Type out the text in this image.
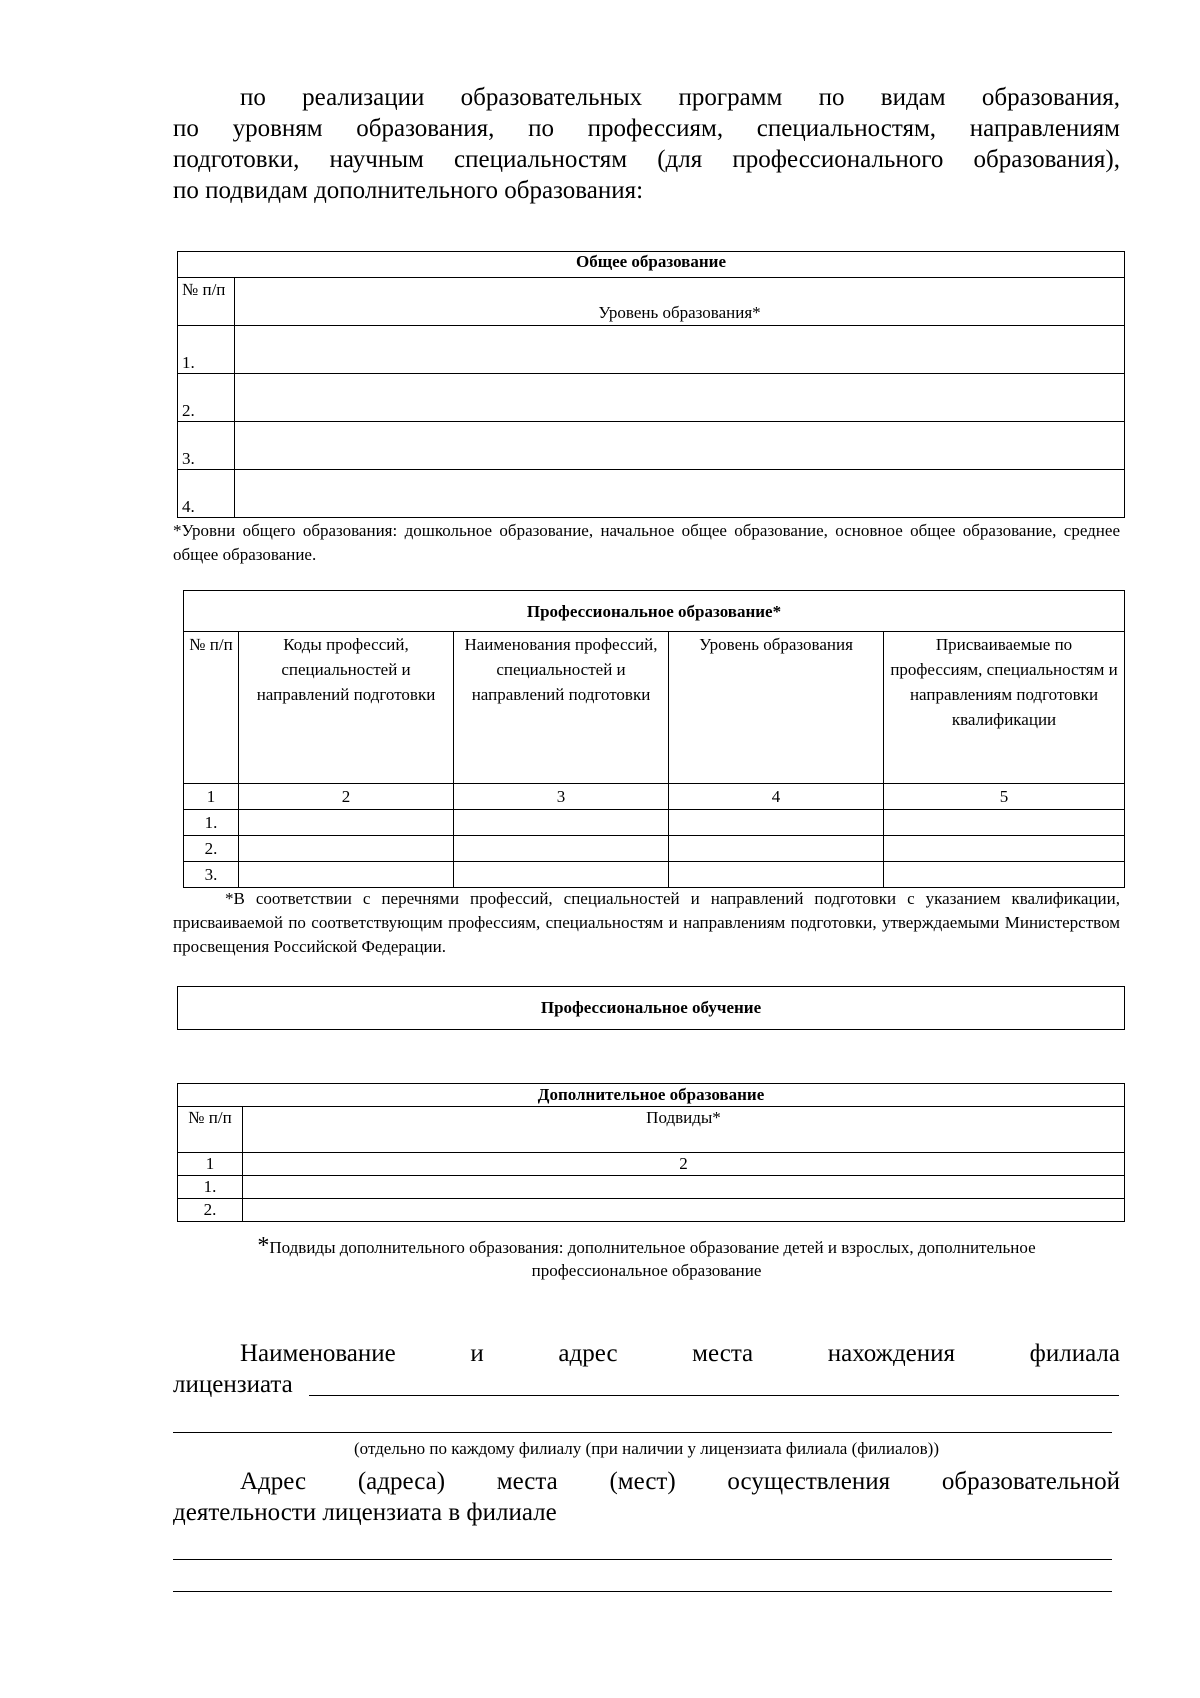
по реализации образовательных программ по видам образования,
по уровням образования, по профессиям, специальностям, направлениям
подготовки, научным специальностям (для профессионального образования),
по подвидам дополнительного образования:
Общее образование	
№ п/п	Уровень образования*
1.	
2.	
3.	
4.	
*Уровни общего образования: дошкольное образование, начальное общее образование, основное общее образование, среднее общее образование.
Профессиональное образование*				
№ п/п	Коды профессий, специальностей и направлений подготовки	Наименования профессий, специальностей и направлений подготовки	Уровень образования	Присваиваемые по профессиям, специальностям и направлениям подготовки квалификации
1	2	3	4	5
1.				
2.				
3.				
*В соответствии с перечнями профессий, специальностей и направлений подготовки с указанием квалификации, присваиваемой по соответствующим профессиям, специальностям и направлениям подготовки, утверждаемыми Министерством просвещения Российской Федерации.
Профессиональное обучение
Дополнительное образование	
№ п/п	Подвиды*
1	2
1.	
2.	
*Подвиды дополнительного образования: дополнительное образование детей и взрослых, дополнительное
профессиональное образование
Наименование и адрес места нахождения филиала
лицензиата
(отдельно по каждому филиалу (при наличии у лицензиата филиала (филиалов))
Адрес (адреса) места (мест) осуществления образовательной
деятельности лицензиата в филиале
